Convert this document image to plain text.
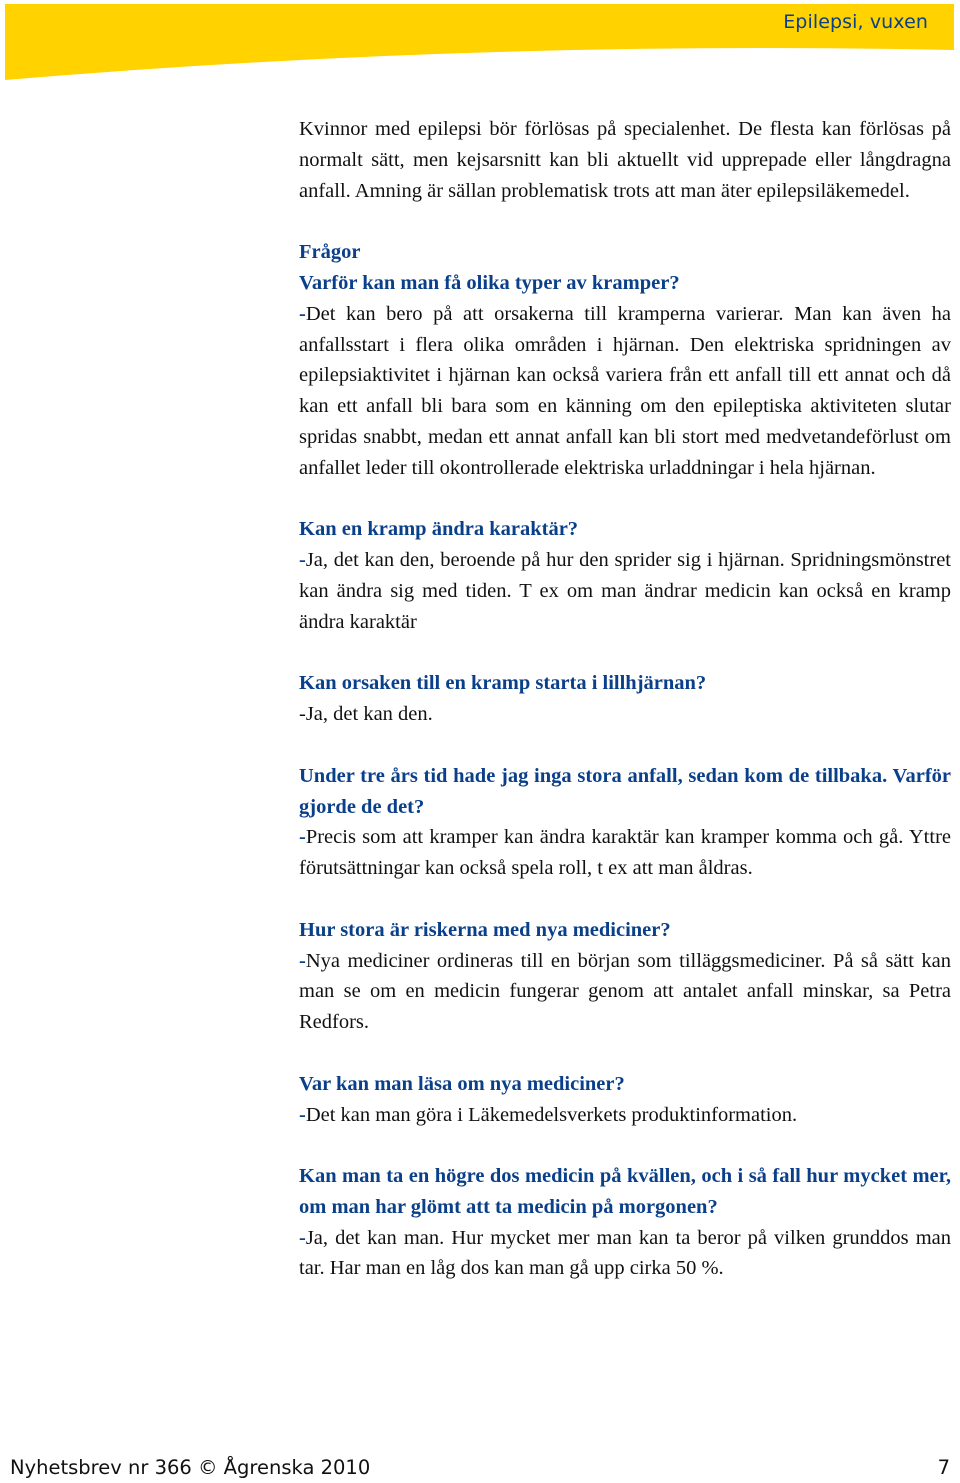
Epilepsi, vuxen

Kvinnor med epilepsi bör förlösas på specialenhet. De flesta kan förlösas på normalt sätt, men kejsarsnitt kan bli aktuellt vid upprepade eller långdragna anfall. Amning är sällan problematisk trots att man äter epilepsiläkemedel.

Frågor

Varför kan man få olika typer av kramper?

-Det kan bero på att orsakerna till kramperna varierar. Man kan även ha anfallsstart i flera olika områden i hjärnan. Den elektriska spridningen av epilepsiaktivitet i hjärnan kan också variera från ett anfall till ett annat och då kan ett anfall bli bara som en känning om den epileptiska aktiviteten slutar spridas snabbt, medan ett annat anfall kan bli stort med medvetandeförlust om anfallet leder till okontrollerade elektriska urladdningar i hela hjärnan.

Kan en kramp ändra karaktär?

-Ja, det kan den, beroende på hur den sprider sig i hjärnan. Spridningsmönstret kan ändra sig med tiden. T ex om man ändrar medicin kan också en kramp ändra karaktär

Kan orsaken till en kramp starta i lillhjärnan?

-Ja, det kan den.

Under tre års tid hade jag inga stora anfall, sedan kom de tillbaka. Varför gjorde de det?

-Precis som att kramper kan ändra karaktär kan kramper komma och gå. Yttre förutsättningar kan också spela roll, t ex att man åldras.

Hur stora är riskerna med nya mediciner?

-Nya mediciner ordineras till en början som tilläggsmediciner. På så sätt kan man se om en medicin fungerar genom att antalet anfall minskar, sa Petra Redfors.

Var kan man läsa om nya mediciner?

-Det kan man göra i Läkemedelsverkets produktinformation.

Kan man ta en högre dos medicin på kvällen, och i så fall hur mycket mer, om man har glömt att ta medicin på morgonen?

-Ja, det kan man. Hur mycket mer man kan ta beror på vilken grunddos man tar. Har man en låg dos kan man gå upp cirka 50 %.

Nyhetsbrev nr 366 © Ågrenska 2010	7
